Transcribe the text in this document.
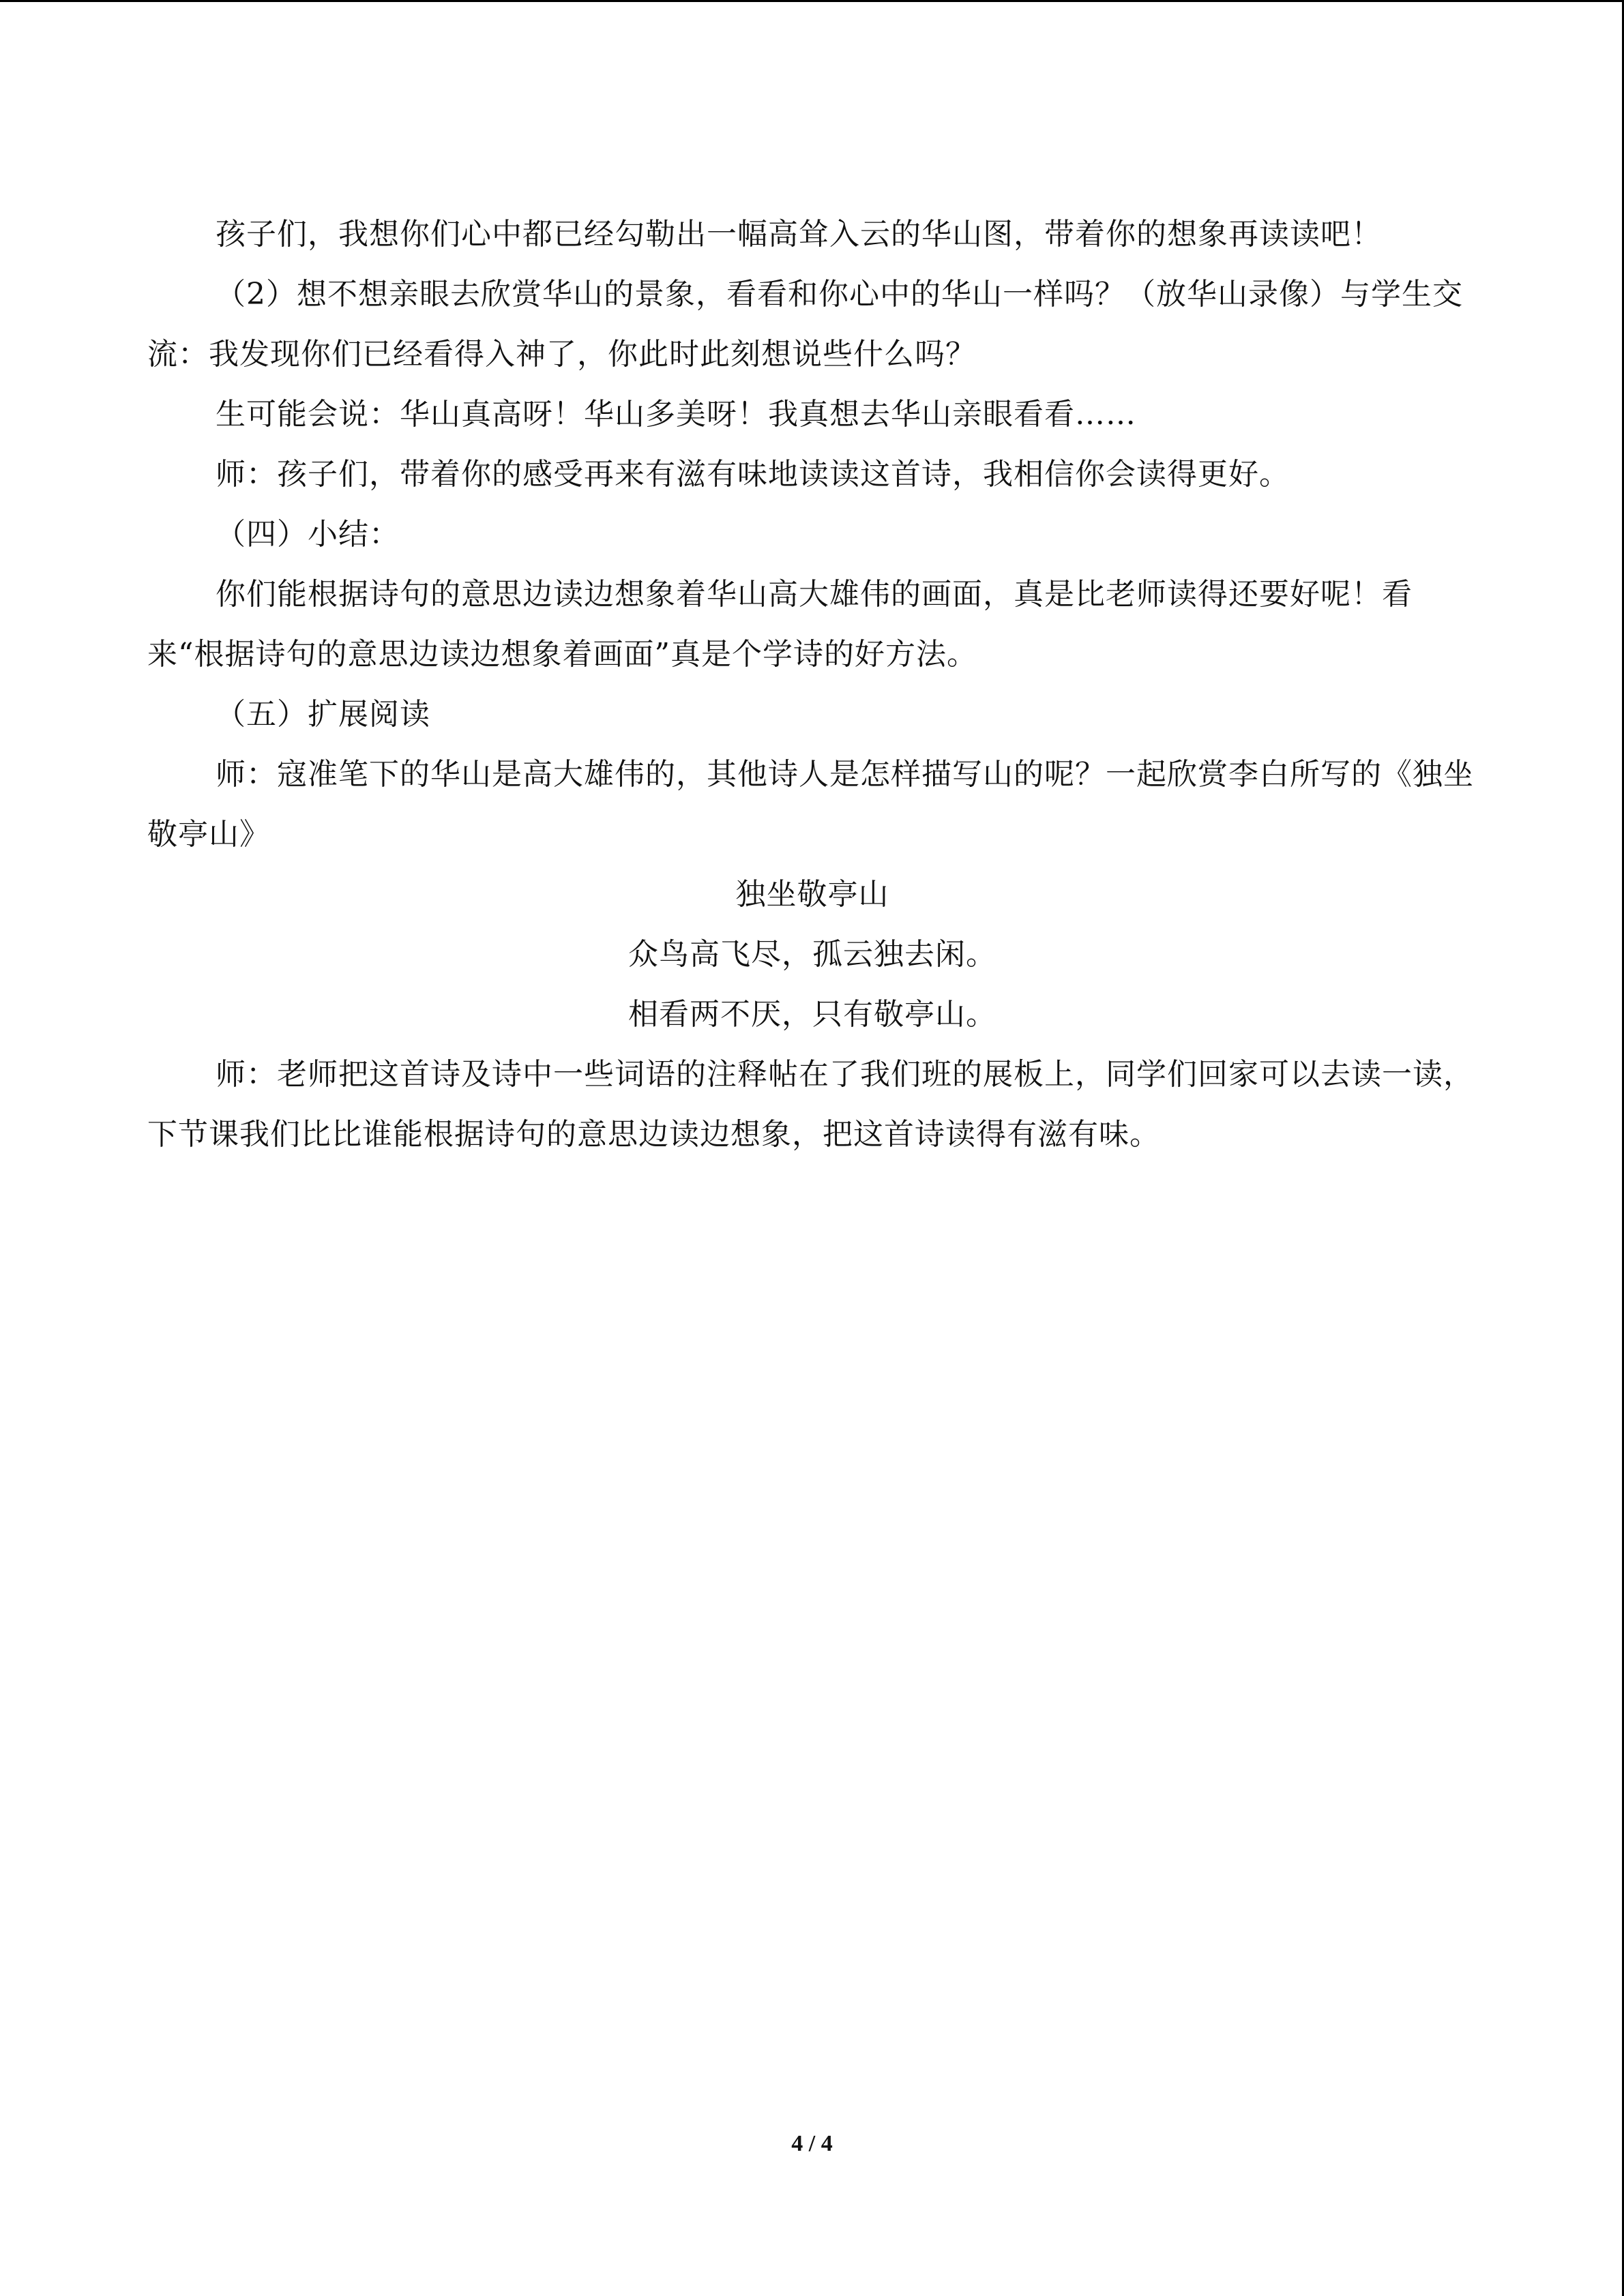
孩子们，我想你们心中都已经勾勒出一幅高耸入云的华山图，带着你的想象再读读吧！

（2）想不想亲眼去欣赏华山的景象，看看和你心中的华山一样吗？（放华山录像）与学生交流：我发现你们已经看得入神了，你此时此刻想说些什么吗？

生可能会说：华山真高呀！华山多美呀！我真想去华山亲眼看看……

师：孩子们，带着你的感受再来有滋有味地读读这首诗，我相信你会读得更好。

（四）小结：

你们能根据诗句的意思边读边想象着华山高大雄伟的画面，真是比老师读得还要好呢！看来“根据诗句的意思边读边想象着画面”真是个学诗的好方法。

（五）扩展阅读

师：寇准笔下的华山是高大雄伟的，其他诗人是怎样描写山的呢？一起欣赏李白所写的《独坐敬亭山》

独坐敬亭山

众鸟高飞尽，孤云独去闲。

相看两不厌，只有敬亭山。

师：老师把这首诗及诗中一些词语的注释帖在了我们班的展板上，同学们回家可以去读一读，下节课我们比比谁能根据诗句的意思边读边想象，把这首诗读得有滋有味。

4 / 4
